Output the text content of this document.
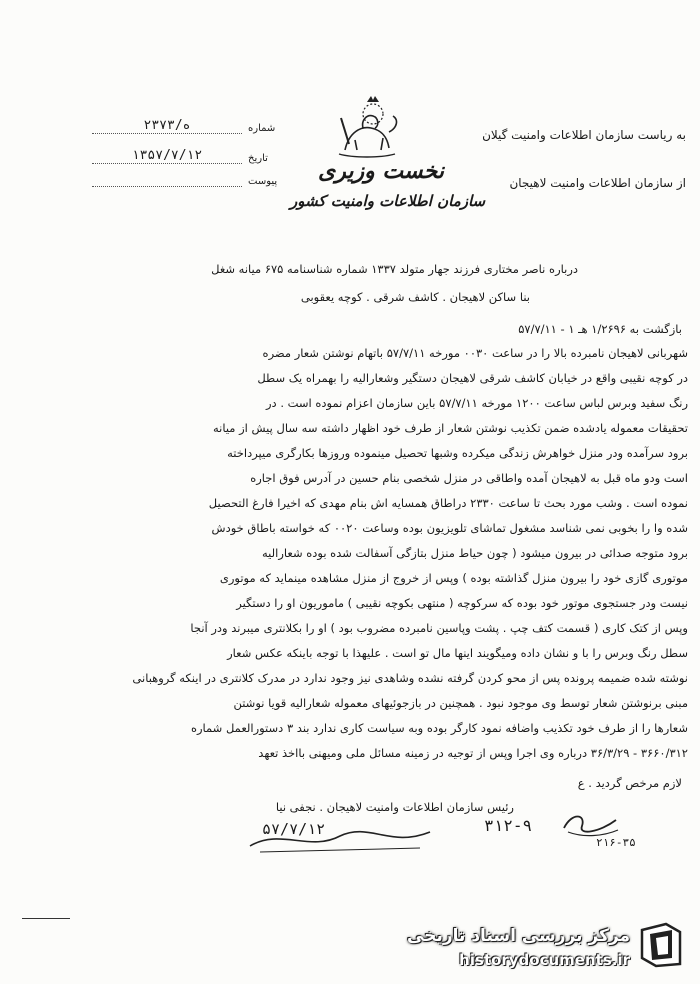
۲۳۷۳/ه	شماره
۱۳۵۷/۷/۱۲	تاریخ
پیوست نخست وزیری
سازمان اطلاعات وامنیت کشور
به ریاست سازمان اطلاعات وامنیت گیلان
از سازمان اطلاعات وامنیت لاهیجان
درباره ناصر مختاری فرزند جهار متولد ۱۳۳۷ شماره شناسنامه ۶۷۵ میانه شغل
بنا ساکن لاهیجان . کاشف شرقی . کوچه یعقوبی
بازگشت به ۱/۲۶۹۶ هـ ۱ - ۵۷/۷/۱۱
شهربانی لاهیجان نامبرده بالا را در ساعت ۰۰۳۰ مورخه ۵۷/۷/۱۱ باتهام نوشتن شعار مضره
در کوچه نقیبی واقع در خیابان کاشف شرقی لاهیجان دستگیر وشعارالیه را بهمراه یک سطل
رنگ سفید وبرس لباس ساعت ۱۲۰۰ مورخه ۵۷/۷/۱۱ باین سازمان اعزام نموده است . در
تحقیقات معموله یادشده ضمن تکذیب نوشتن شعار از طرف خود اظهار داشته سه سال پیش از میانه
برود سرآمده ودر منزل خواهرش زندگی میکرده وشبها تحصیل مینموده وروزها بکارگری میپرداخته
است ودو ماه قبل به لاهیجان آمده واطاقی در منزل شخصی بنام حسین در آدرس فوق اجاره
نموده است . وشب مورد بحث تا ساعت ۲۳۳۰ دراطاق همسایه اش بنام مهدی که اخیرا فارغ التحصیل
شده وا را بخوبی نمی شناسد مشغول تماشای تلویزیون بوده وساعت ۰۰۲۰ که خواسته باطاق خودش
برود متوجه صدائی در بیرون میشود ( چون حیاط منزل بتازگی آسفالت شده بوده شعارالیه
موتوری گازی خود را بیرون منزل گذاشته بوده ) وپس از خروج از منزل مشاهده مینماید که موتوری
نیست ودر جستجوی موتور خود بوده که سرکوچه ( منتهی بکوچه نقیبی ) ماموریون او را دستگیر
وپس از کتک کاری ( قسمت کتف چپ . پشت وپاسین نامبرده مضروب بود ) او را بکلانتری میبرند ودر آنجا
سطل رنگ وبرس را با و نشان داده ومیگویند اینها مال تو است . علیهذا با توجه باینکه عکس شعار
نوشته شده ضمیمه پرونده پس از محو کردن گرفته نشده وشاهدی نیز وجود ندارد در مدرک کلانتری در اینکه گروهبانی
مبنی برنوشتن شعار توسط وی موجود نبود . همچنین در بازجوئیهای معموله شعارالیه قویا نوشتن
شعارها را از طرف خود تکذیب واضافه نمود کارگر بوده وبه سیاست کاری ندارد بند ۳ دستورالعمل شماره
۳۶۶۰/۳۱۲ - ۳۶/۳/۲۹ درباره وی اجرا وپس از توجیه در زمینه مسائل ملی ومیهنی بااخذ تعهد
لازم مرخص گردید . ع
رئیس سازمان اطلاعات وامنیت لاهیجان . نجفی نیا
۵۷/۷/۱۲	۳۱۲-۹
۲۱۶-۳۵
مرکز بررسی اسناد تاریخی
historydocuments.ir
